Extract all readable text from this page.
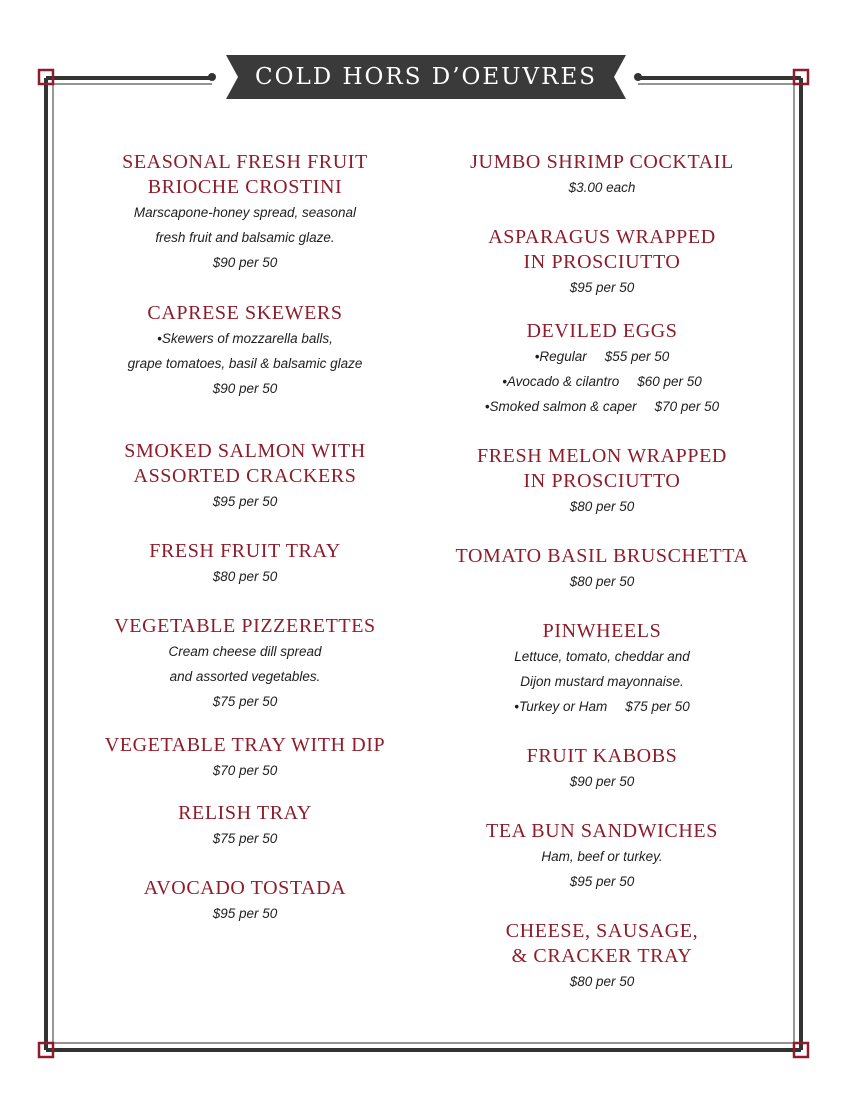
COLD HORS D’OEUVRES
SEASONAL FRESH FRUIT
BRIOCHE CROSTINI
Marscapone-honey spread, seasonal
fresh fruit and balsamic glaze.
$90 per 50
CAPRESE SKEWERS
•Skewers of mozzarella balls,
grape tomatoes, basil & balsamic glaze
$90 per 50
SMOKED SALMON WITH
ASSORTED CRACKERS
$95 per 50
FRESH FRUIT TRAY
$80 per 50
VEGETABLE PIZZERETTES
Cream cheese dill spread
and assorted vegetables.
$75 per 50
VEGETABLE TRAY WITH DIP
$70 per 50
RELISH TRAY
$75 per 50
AVOCADO TOSTADA
$95 per 50
JUMBO SHRIMP COCKTAIL
$3.00 each
ASPARAGUS WRAPPED
IN PROSCIUTTO
$95 per 50
DEVILED EGGS
•Regular $55 per 50
•Avocado & cilantro $60 per 50
•Smoked salmon & caper $70 per 50
FRESH MELON WRAPPED
IN PROSCIUTTO
$80 per 50
TOMATO BASIL BRUSCHETTA
$80 per 50
PINWHEELS
Lettuce, tomato, cheddar and
Dijon mustard mayonnaise.
•Turkey or Ham $75 per 50
FRUIT KABOBS
$90 per 50
TEA BUN SANDWICHES
Ham, beef or turkey.
$95 per 50
CHEESE, SAUSAGE,
& CRACKER TRAY
$80 per 50
